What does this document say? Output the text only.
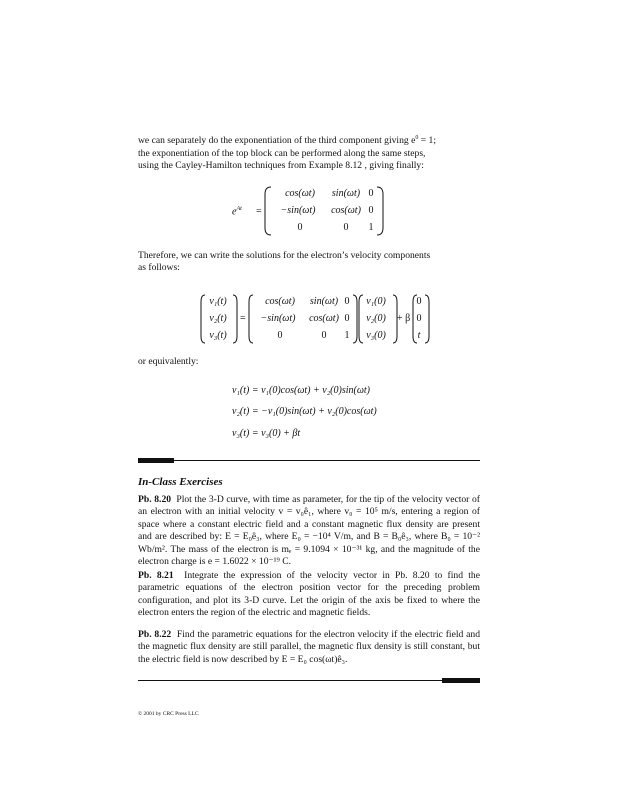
we can separately do the exponentiation of the third component giving $e^0 = 1$;
the exponentiation of the top block can be performed along the same steps,
using the Cayley-Hamilton techniques from Example 8.12 , giving finally:
$e^{At}$ =
cos(ωt)	sin(ωt) 0
−sin(ωt)	cos(ωt) 0
0	0	1
Therefore, we can write the solutions for the electron’s velocity components
as follows:
v₁(t)
v₂(t)
v₃(t)
=
cos(ωt)	sin(ωt) 0
−sin(ωt)	cos(ωt) 0
0	0	1
v₁(0)
v₂(0)
v₃(0)
+ β
0
0
t
or equivalently:
v₁(t) = v₁(0)cos(ωt) + v₂(0)sin(ωt)
v₂(t) = −v₁(0)sin(ωt) + v₂(0)cos(ωt)
v₃(t) = v₃(0) + βt
In-Class Exercises
Pb. 8.20 Plot the 3-D curve, with time as parameter, for the tip of the velocity vector of an electron with an initial velocity v = v₀ê₁, where v₀ = 10⁵ m/s, entering a region of space where a constant electric field and a constant magnetic flux density are present and are described by: E = E₀ê₃, where E₀ = −10⁴ V/m, and B = B₀ê₃, where B₀ = 10⁻² Wb/m². The mass of the electron is mₑ = 9.1094 × 10⁻³¹ kg, and the magnitude of the electron charge is e = 1.6022 × 10⁻¹⁹ C.
Pb. 8.21 Integrate the expression of the velocity vector in Pb. 8.20 to find the parametric equations of the electron position vector for the preceding problem configuration, and plot its 3-D curve. Let the origin of the axis be fixed to where the electron enters the region of the electric and magnetic fields.
Pb. 8.22 Find the parametric equations for the electron velocity if the electric field and the magnetic flux density are still parallel, the magnetic flux density is still constant, but the electric field is now described by E = E₀ cos(ωt)ê₃.
© 2001 by CRC Press LLC
